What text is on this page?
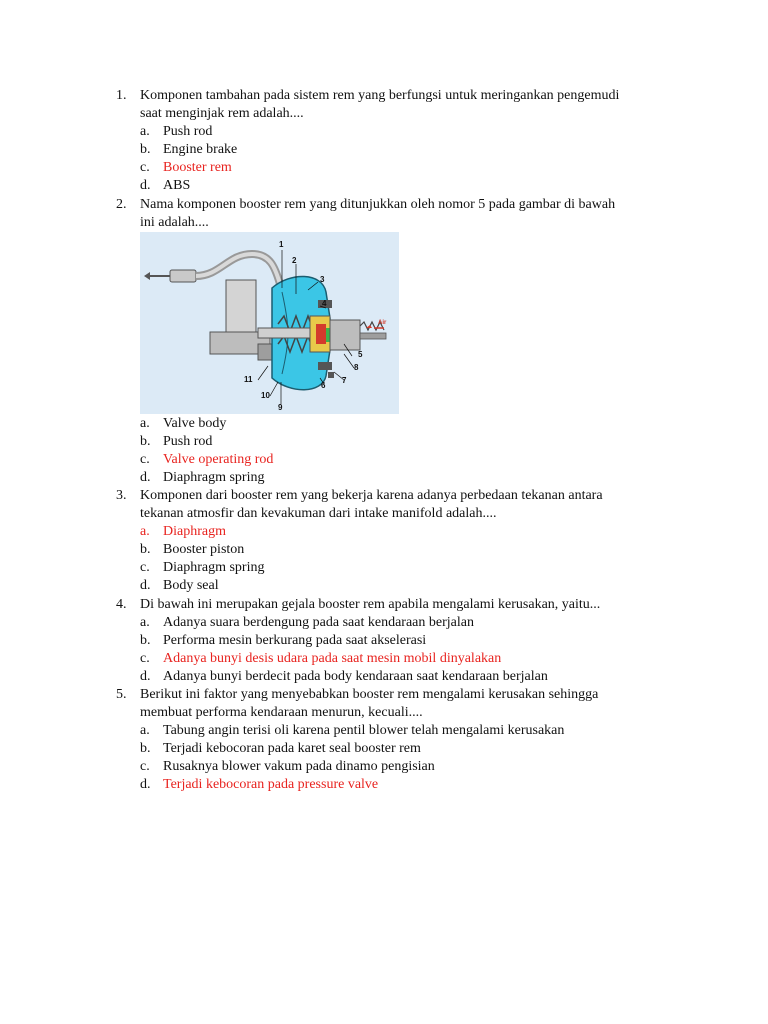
1. Komponen tambahan pada sistem rem yang berfungsi untuk meringankan pengemudi
saat menginjak rem adalah....
a. Push rod
b. Engine brake
c. Booster rem
d. ABS
2. Nama komponen booster rem yang ditunjukkan oleh nomor 5 pada gambar di bawah
ini adalah....
1
2
3
4
5
8
7
6
9
10
11
Air
a. Valve body
b. Push rod
c. Valve operating rod
d. Diaphragm spring
3. Komponen dari booster rem yang bekerja karena adanya perbedaan tekanan antara
tekanan atmosfir dan kevakuman dari intake manifold adalah....
a. Diaphragm
b. Booster piston
c. Diaphragm spring
d. Body seal
4. Di bawah ini merupakan gejala booster rem apabila mengalami kerusakan, yaitu...
a. Adanya suara berdengung pada saat kendaraan berjalan
b. Performa mesin berkurang pada saat akselerasi
c. Adanya bunyi desis udara pada saat mesin mobil dinyalakan
d. Adanya bunyi berdecit pada body kendaraan saat kendaraan berjalan
5. Berikut ini faktor yang menyebabkan booster rem mengalami kerusakan sehingga
membuat performa kendaraan menurun, kecuali....
a. Tabung angin terisi oli karena pentil blower telah mengalami kerusakan
b. Terjadi kebocoran pada karet seal booster rem
c. Rusaknya blower vakum pada dinamo pengisian
d. Terjadi kebocoran pada pressure valve
